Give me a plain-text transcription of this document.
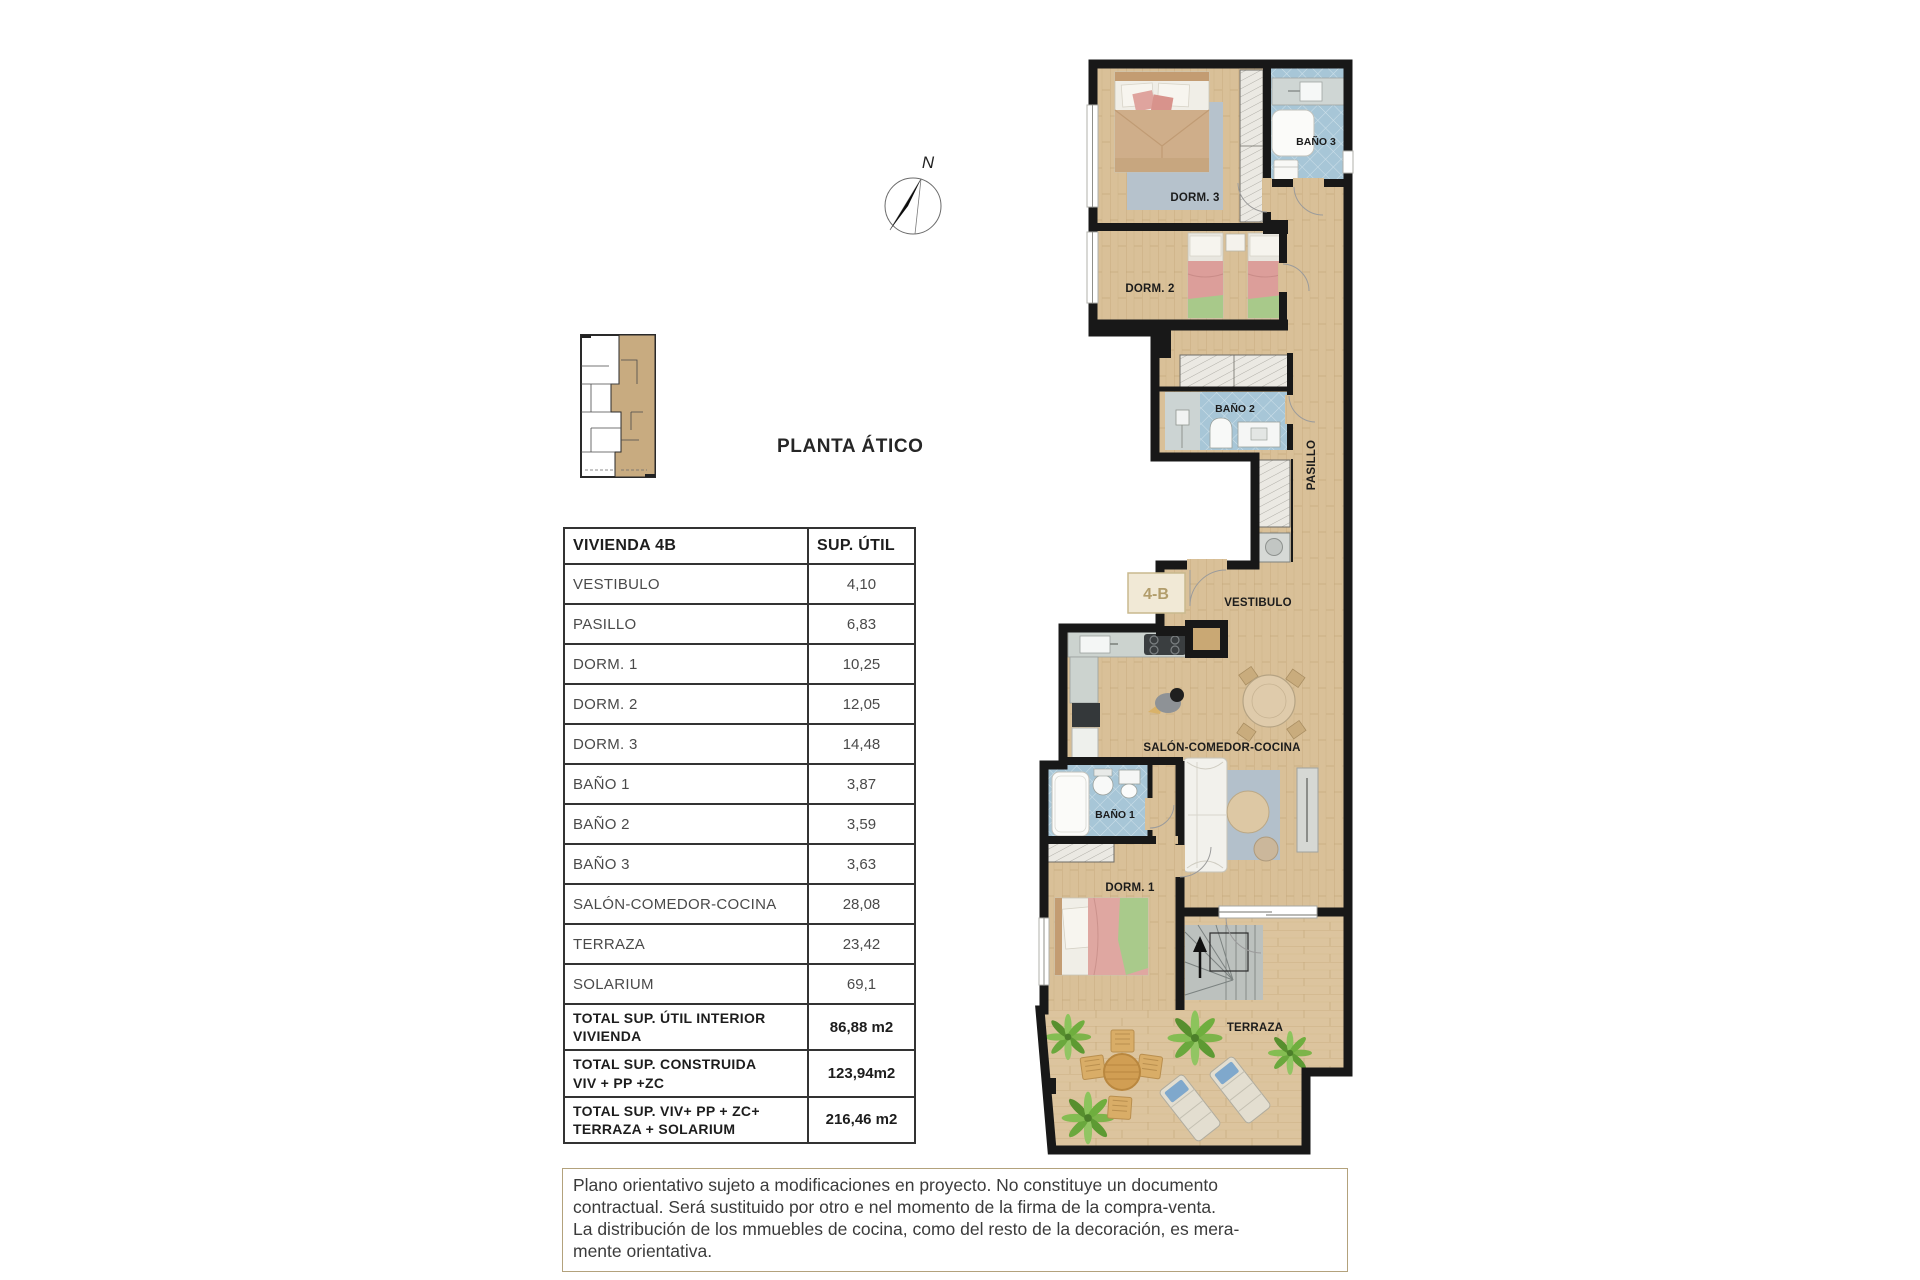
N
PLANTA ÁTICO
VIVIENDA 4B	SUP. ÚTIL
VESTIBULO	4,10
PASILLO	6,83
DORM. 1	10,25
DORM. 2	12,05
DORM. 3	14,48
BAÑO 1	3,87
BAÑO 2	3,59
BAÑO 3	3,63
SALÓN-COMEDOR-COCINA	28,08
TERRAZA	23,42
SOLARIUM	69,1

TOTAL SUP. ÚTIL INTERIOR
VIVIENDA	86,88 m2

TOTAL SUP. CONSTRUIDA
VIV + PP +ZC	123,94m2

TOTAL SUP. VIV+ PP + ZC+
TERRAZA + SOLARIUM	216,46 m2
4-B
DORM. 3
BAÑO 3
DORM. 2
BAÑO 2
PASILLO
VESTIBULO
SALÓN-COMEDOR-COCINA
BAÑO 1
DORM. 1
TERRAZA
Plano orientativo sujeto a modificaciones en proyecto. No constituye un documento
contractual. Será sustituido por otro e nel momento de la firma de la compra-venta.
La distribución de los mmuebles de cocina, como del resto de la decoración, es mera-
mente orientativa.
